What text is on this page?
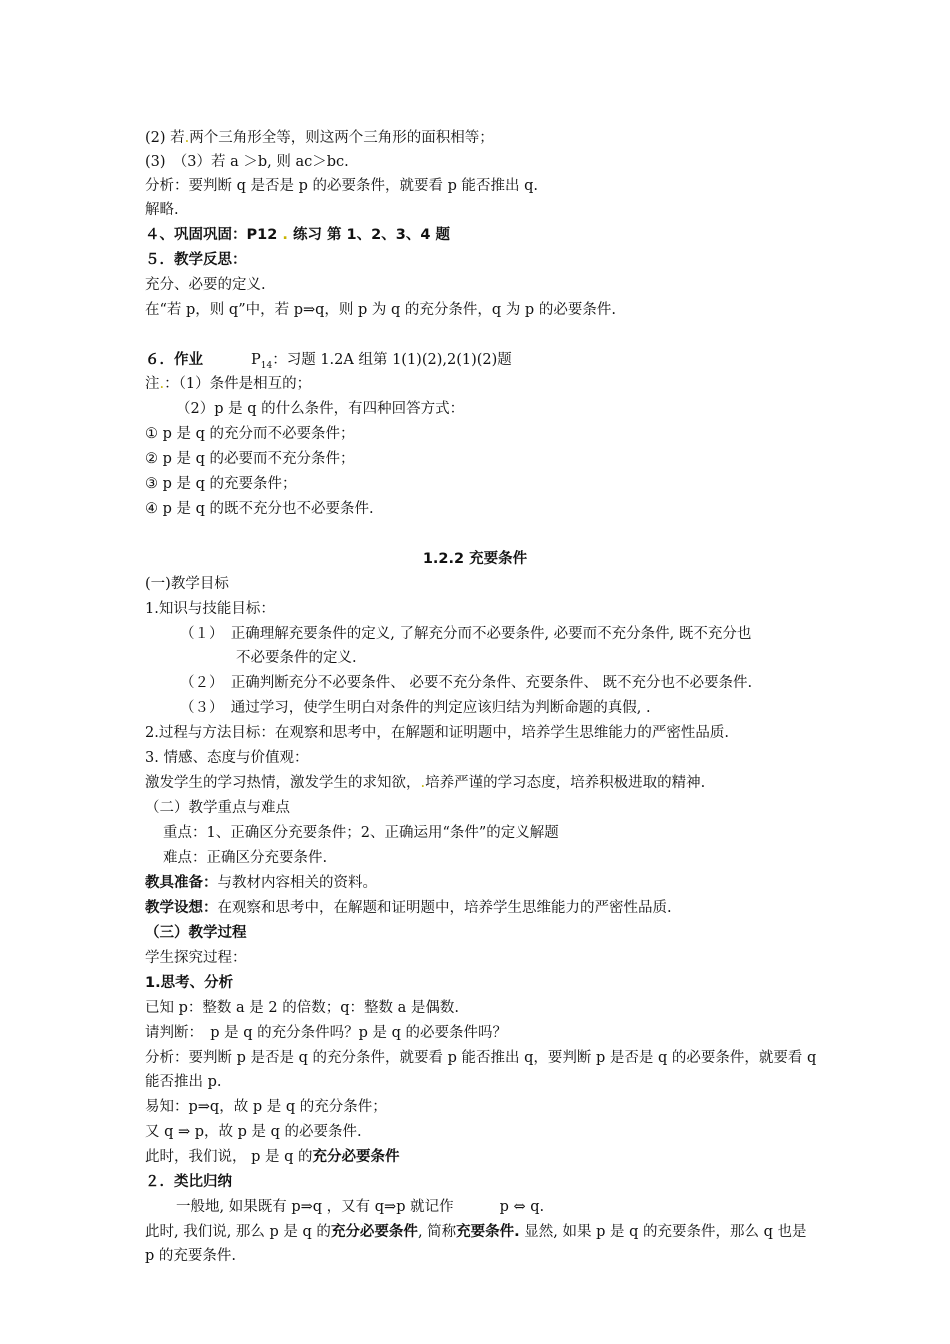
(2) 若.两个三角形全等，则这两个三角形的面积相等；
(3)　（3）若 a ＞b, 则 ac＞bc.
分析：要判断 q 是否是 p 的必要条件，就要看 p 能否推出 q.
解略.
４、巩固巩固：P12 . 练习 第 1、2、3、4 题
５．教学反思：
充分、必要的定义.
在“若 p，则 q”中，若 p⇒q，则 p 为 q 的充分条件，q 为 p 的必要条件.
６．作业	$P_{14}$：习题 1.2A 组第 1(1)(2),2(1)(2)题
注.：（1）条件是相互的；
（2）p 是 q 的什么条件，有四种回答方式：
① p 是 q 的充分而不必要条件；
② p 是 q 的必要而不充分条件；
③ p 是 q 的充要条件；
④ p 是 q 的既不充分也不必要条件.
1.2.2 充要条件
(一)教学目标
1.知识与技能目标：
（１）　正确理解充要条件的定义, 了解充分而不必要条件, 必要而不充分条件, 既不充分也
不必要条件的定义.
（２）　正确判断充分不必要条件、 必要不充分条件、充要条件、 既不充分也不必要条件.
（３）　通过学习，使学生明白对条件的判定应该归结为判断命题的真假, .
2.过程与方法目标：在观察和思考中，在解题和证明题中，培养学生思维能力的严密性品质.
3. 情感、态度与价值观：
激发学生的学习热情，激发学生的求知欲，.培养严谨的学习态度，培养积极进取的精神.
（二）教学重点与难点
重点：1、正确区分充要条件；2、正确运用“条件”的定义解题
难点：正确区分充要条件.
教具准备：与教材内容相关的资料。
教学设想：在观察和思考中，在解题和证明题中，培养学生思维能力的严密性品质.
（三）教学过程
学生探究过程：
1.思考、分析
已知 p：整数 a 是 2 的倍数；q：整数 a 是偶数.
请判断：　p 是 q 的充分条件吗？p 是 q 的必要条件吗？
分析：要判断 p 是否是 q 的充分条件，就要看 p 能否推出 q，要判断 p 是否是 q 的必要条件，就要看 q
能否推出 p.
易知：p⇒q，故 p 是 q 的充分条件；
又 q ⇒ p，故 p 是 q 的必要条件.
此时，我们说， p 是 q 的充分必要条件
２．类比归纳
一般地, 如果既有 p⇒q ，又有 q⇒p 就记作	p ⇔ q.
此时, 我们说, 那么 p 是 q 的充分必要条件, 简称充要条件. 显然, 如果 p 是 q 的充要条件，那么 q 也是
p 的充要条件.
